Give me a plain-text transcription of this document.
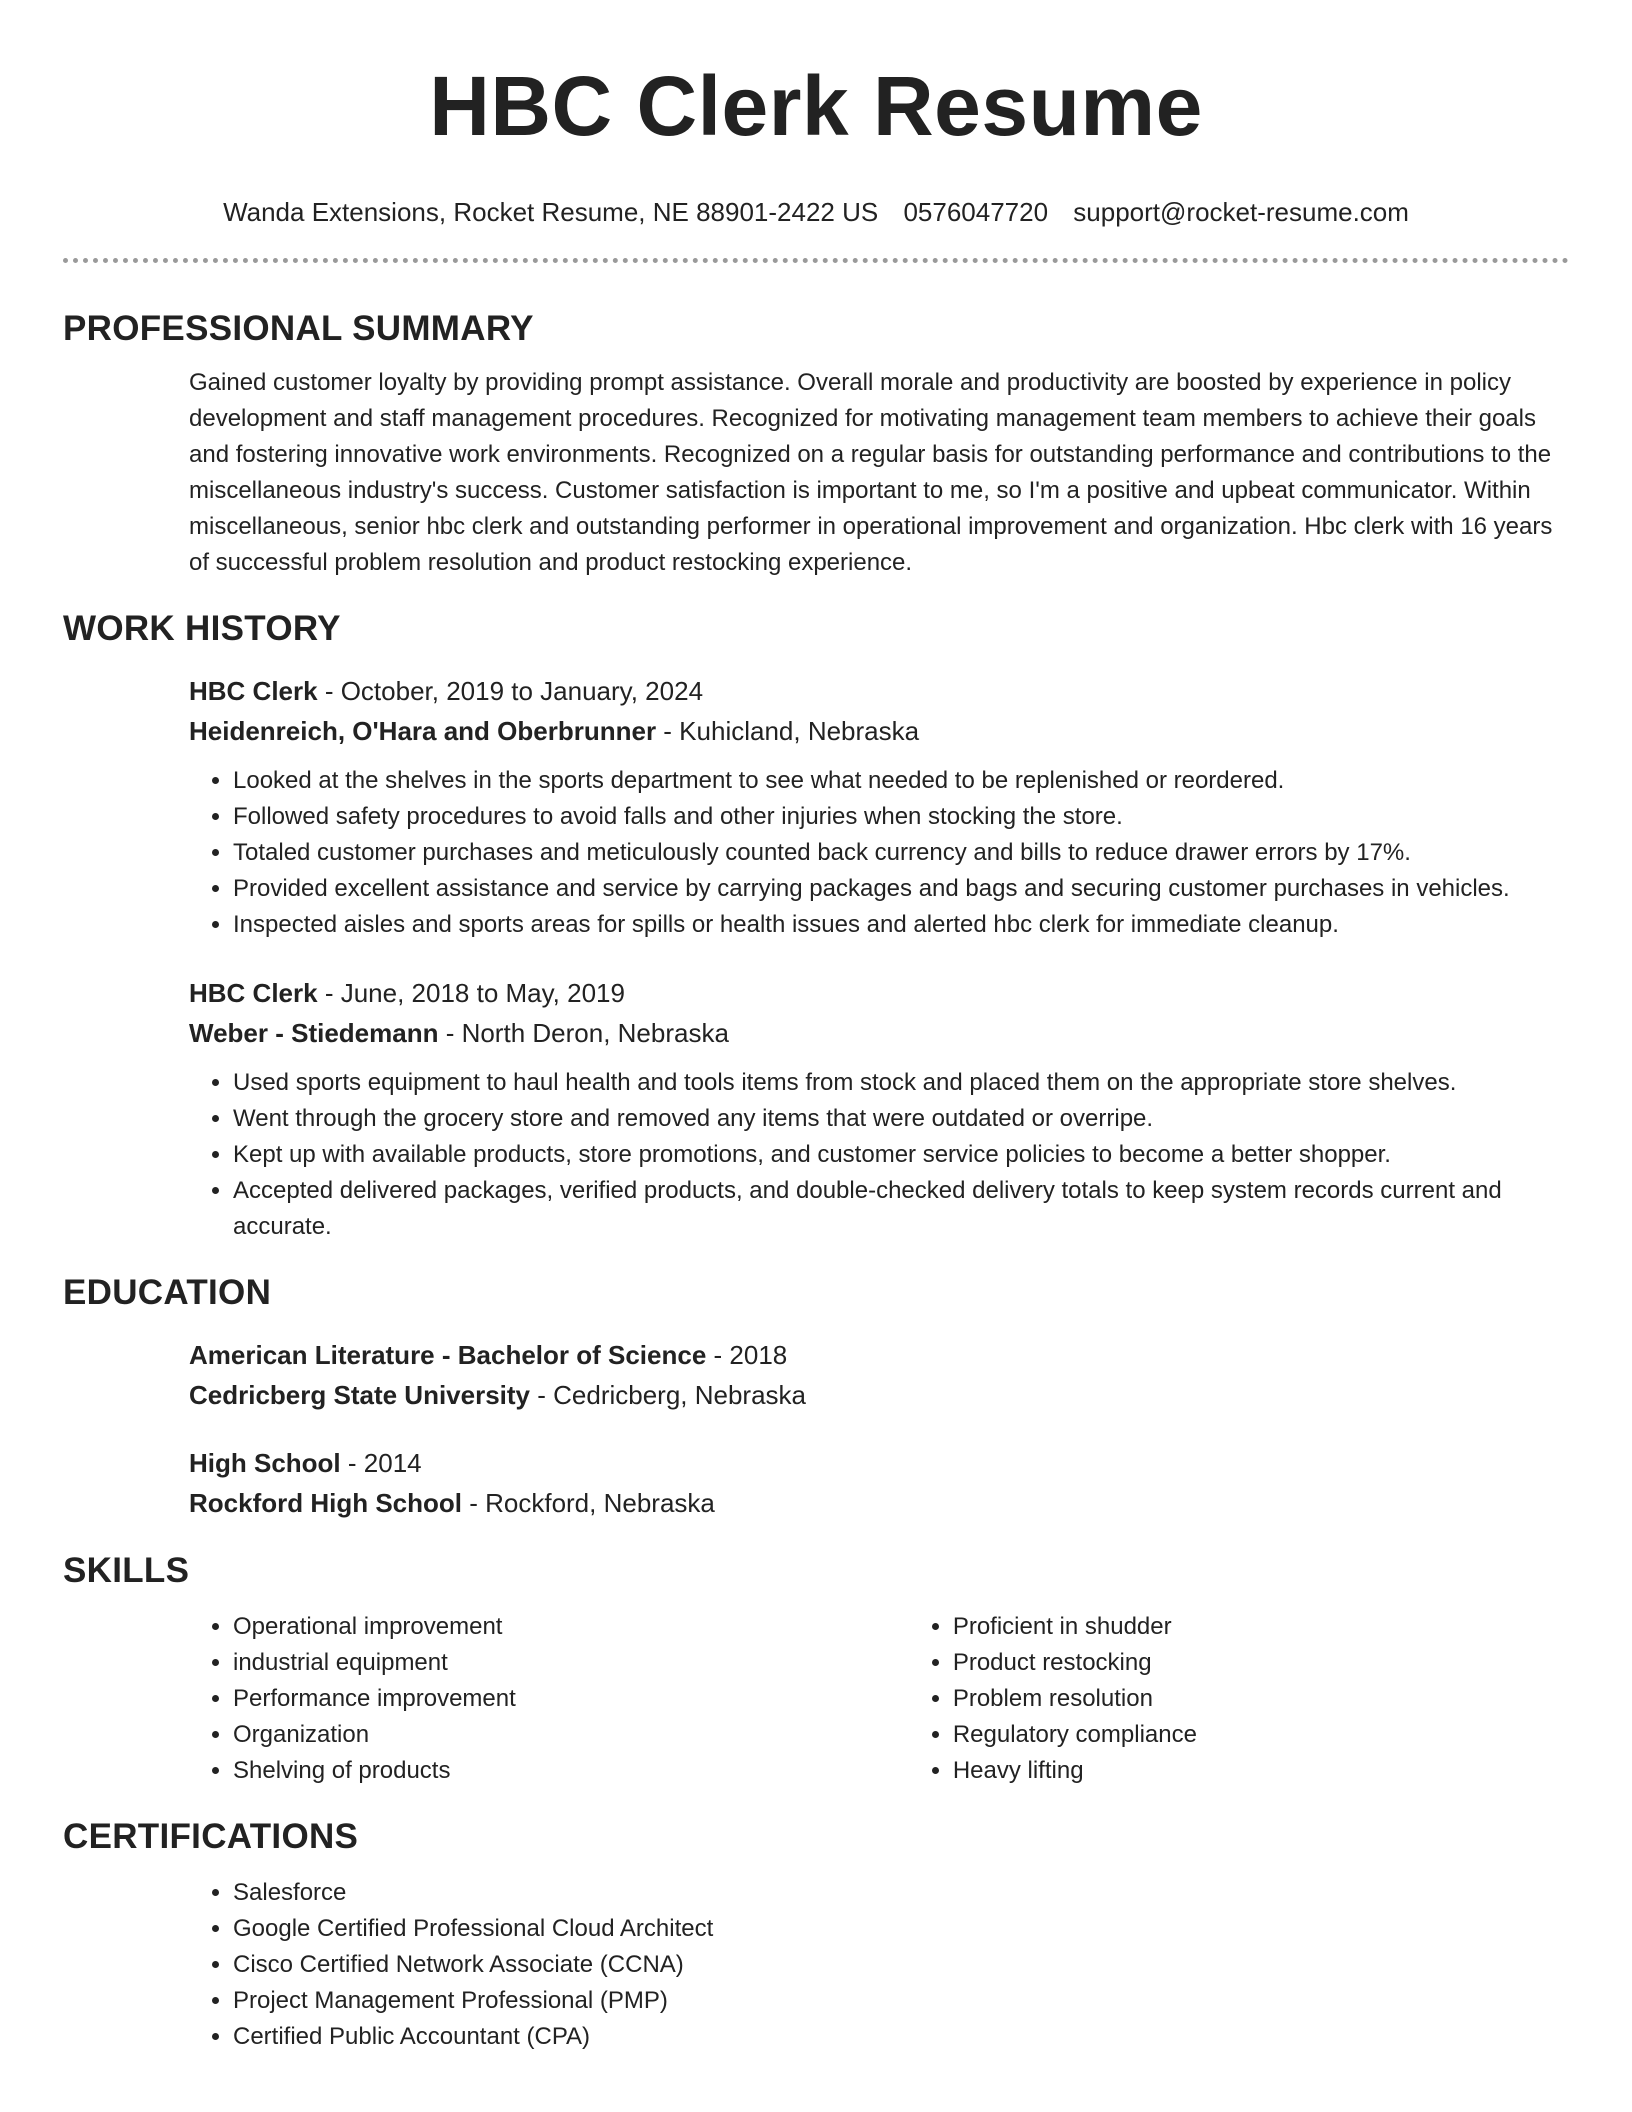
HBC Clerk Resume
Wanda Extensions, Rocket Resume, NE 88901-2422 US 0576047720 support@rocket-resume.com
PROFESSIONAL SUMMARY
Gained customer loyalty by providing prompt assistance. Overall morale and productivity are boosted by experience in policy development and staff management procedures. Recognized for motivating management team members to achieve their goals and fostering innovative work environments. Recognized on a regular basis for outstanding performance and contributions to the miscellaneous industry's success. Customer satisfaction is important to me, so I'm a positive and upbeat communicator. Within miscellaneous, senior hbc clerk and outstanding performer in operational improvement and organization. Hbc clerk with 16 years of successful problem resolution and product restocking experience.
WORK HISTORY
HBC Clerk - October, 2019 to January, 2024
Heidenreich, O'Hara and Oberbrunner - Kuhicland, Nebraska
• Looked at the shelves in the sports department to see what needed to be replenished or reordered.
• Followed safety procedures to avoid falls and other injuries when stocking the store.
• Totaled customer purchases and meticulously counted back currency and bills to reduce drawer errors by 17%.
• Provided excellent assistance and service by carrying packages and bags and securing customer purchases in vehicles.
• Inspected aisles and sports areas for spills or health issues and alerted hbc clerk for immediate cleanup.
HBC Clerk - June, 2018 to May, 2019
Weber - Stiedemann - North Deron, Nebraska
• Used sports equipment to haul health and tools items from stock and placed them on the appropriate store shelves.
• Went through the grocery store and removed any items that were outdated or overripe.
• Kept up with available products, store promotions, and customer service policies to become a better shopper.
• Accepted delivered packages, verified products, and double-checked delivery totals to keep system records current and accurate.
EDUCATION
American Literature - Bachelor of Science - 2018
Cedricberg State University - Cedricberg, Nebraska
High School - 2014
Rockford High School - Rockford, Nebraska
SKILLS
• Operational improvement
• industrial equipment
• Performance improvement
• Organization
• Shelving of products
• Proficient in shudder
• Product restocking
• Problem resolution
• Regulatory compliance
• Heavy lifting
CERTIFICATIONS
• Salesforce
• Google Certified Professional Cloud Architect
• Cisco Certified Network Associate (CCNA)
• Project Management Professional (PMP)
• Certified Public Accountant (CPA)
